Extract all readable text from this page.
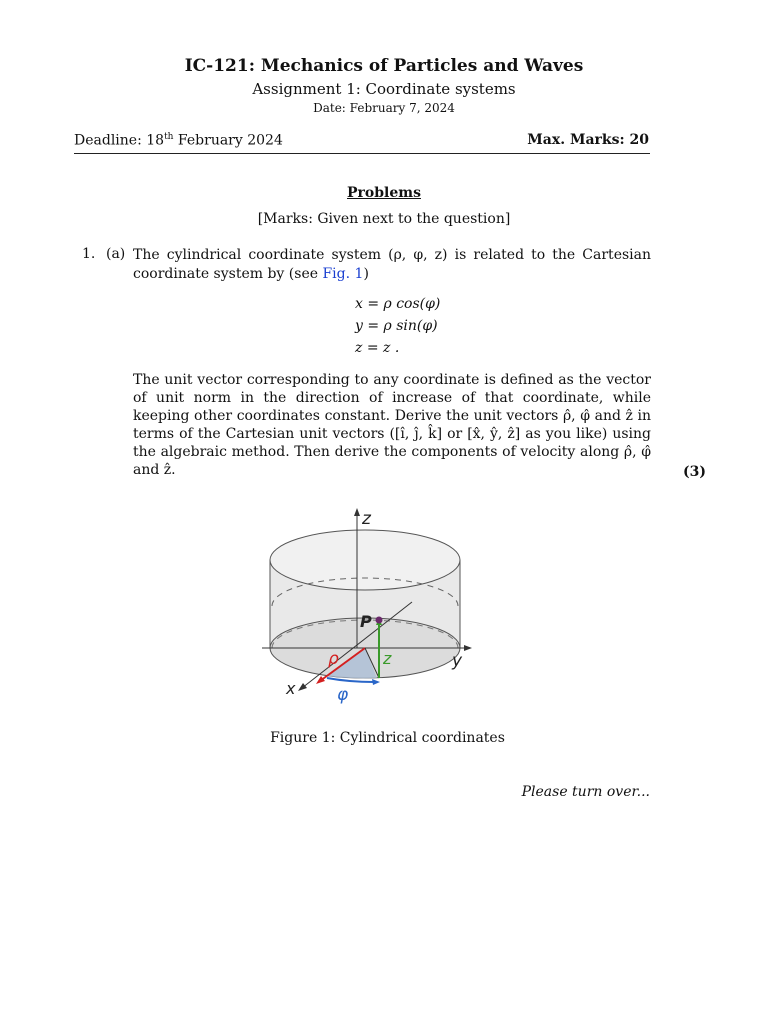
IC-121: Mechanics of Particles and Waves
Assignment 1: Coordinate systems
Date: February 7, 2024
Deadline: 18th February 2024	Max. Marks: 20
Problems
[Marks: Given next to the question]
1. (a) The cylindrical coordinate system (ρ, φ, z) is related to the Cartesian coordinate system by (see Fig. 1)
x = ρ cos(φ)
y = ρ sin(φ)
z = z .
The unit vector corresponding to any coordinate is defined as the vector of unit norm in the direction of increase of that coordinate, while keeping other coordinates constant. Derive the unit vectors ρ̂, φ̂ and ẑ in terms of the Cartesian unit vectors ([î, ĵ, k̂] or [x̂, ŷ, ẑ] as you like) using the algebraic method. Then derive the components of velocity along ρ̂, φ̂ and ẑ.	(3)
z
y
x
P
ρ	z
φ
Figure 1: Cylindrical coordinates
Please turn over...
